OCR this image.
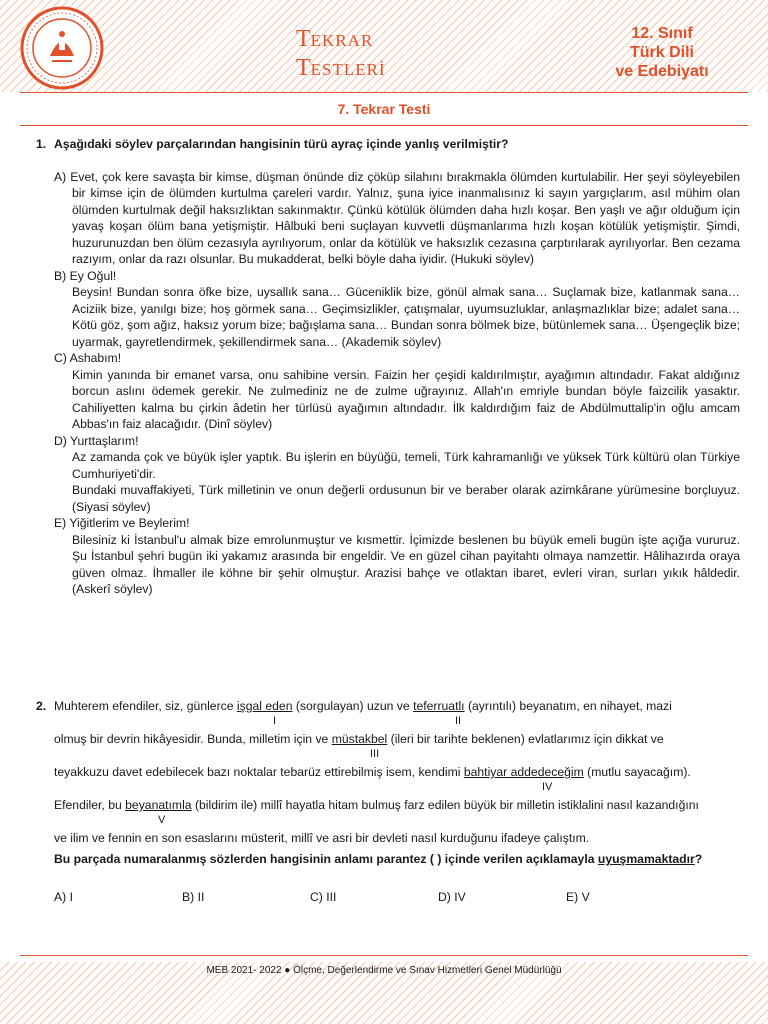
TEKRAR
TESTLERİ
12. Sınıf
Türk Dili
ve Edebiyatı
7. Tekrar Testi
1. Aşağıdaki söylev parçalarından hangisinin türü ayraç içinde yanlış verilmiştir?
A) Evet, çok kere savaşta bir kimse, düşman önünde diz çöküp silahını bırakmakla ölümden kurtulabilir. Her şeyi söyleyebilen bir kimse için de ölümden kurtulma çareleri vardır. Yalnız, şuna iyice inanmalısınız ki sayın yargıçlarım, asıl mühim olan ölümden kurtulmak değil haksızlıktan sakınmaktır. Çünkü kötülük ölümden daha hızlı koşar. Ben yaşlı ve ağır olduğum için yavaş koşan ölüm bana yetişmiştir. Hâlbuki beni suçlayan kuvvetli düşmanlarıma hızlı koşan kötülük yetişmiştir. Şimdi, huzurunuzdan ben ölüm cezasıyla ayrılıyorum, onlar da kötülük ve haksızlık cezasına çarptırılarak ayrılıyorlar. Ben cezama razıyım, onlar da razı olsunlar. Bu mukadderat, belki böyle daha iyidir. (Hukuki söylev)
B) Ey Oğul!
Beysin! Bundan sonra öfke bize, uysallık sana… Güceniklik bize, gönül almak sana… Suçlamak bize, katlanmak sana… Aciziik bize, yanılgı bize; hoş görmek sana… Geçimsizlikler, çatışmalar, uyumsuzluklar, anlaşmazlıklar bize; adalet sana… Kötü göz, şom ağız, haksız yorum bize; bağışlama sana… Bundan sonra bölmek bize, bütünlemek sana… Üşengeçlik bize; uyarmak, gayretlendirmek, şekillendirmek sana… (Akademik söylev)
C) Ashabım!
Kimin yanında bir emanet varsa, onu sahibine versin. Faizin her çeşidi kaldırılmıştır, ayağımın altındadır. Fakat aldığınız borcun aslını ödemek gerekir. Ne zulmediniz ne de zulme uğrayınız. Allah'ın emriyle bundan böyle faizcilik yasaktır. Cahiliyetten kalma bu çirkin âdetin her türlüsü ayağımın altındadır. İlk kaldırdığım faiz de Abdülmuttalip'in oğlu amcam Abbas'ın faiz alacağıdır. (Dinî söylev)
D) Yurttaşlarım!
Az zamanda çok ve büyük işler yaptık. Bu işlerin en büyüğü, temeli, Türk kahramanlığı ve yüksek Türk kültürü olan Türkiye Cumhuriyeti'dir.
Bundaki muvaffakiyeti, Türk milletinin ve onun değerli ordusunun bir ve beraber olarak azimkârane yürümesine borçluyuz. (Siyasi söylev)
E) Yiğitlerim ve Beylerim!
Bilesiniz ki İstanbul'u almak bize emrolunmuştur ve kısmettir. İçimizde beslenen bu büyük emeli bugün işte açığa vururuz. Şu İstanbul şehri bugün iki yakamız arasında bir engeldir. Ve en güzel cihan payitahtı olmaya namzettir. Hâlihazırda oraya güven olmaz. İhmaller ile köhne bir şehir olmuştur. Arazisi bahçe ve otlaktan ibaret, evleri viran, surları yıkık hâldedir. (Askerî söylev)
2. Muhterem efendiler, siz, günlerce işgal eden (sorgulayan) uzun ve teferruatlı (ayrıntılı) beyanatım, en nihayet, mazi
I	II
olmuş bir devrin hikâyesidir. Bunda, milletim için ve müstakbel (ileri bir tarihte beklenen) evlatlarımız için dikkat ve
III
teyakkuzu davet edebilecek bazı noktalar tebarüz ettirebilmiş isem, kendimi bahtiyar addedeceğim (mutlu sayacağım).
IV
Efendiler, bu beyanatımla (bildirim ile) millî hayatla hitam bulmuş farz edilen büyük bir milletin istiklalini nasıl kazandığını
V
ve ilim ve fennin en son esaslarını müsterit, millî ve asri bir devleti nasıl kurduğunu ifadeye çalıştım.
Bu parçada numaralanmış sözlerden hangisinin anlamı parantez ( ) içinde verilen açıklamayla uyuşmamaktadır?
A) I	B) II	C) III	D) IV	E) V
MEB 2021- 2022 ● Ölçme, Değerlendirme ve Sınav Hizmetleri Genel Müdürlüğü
